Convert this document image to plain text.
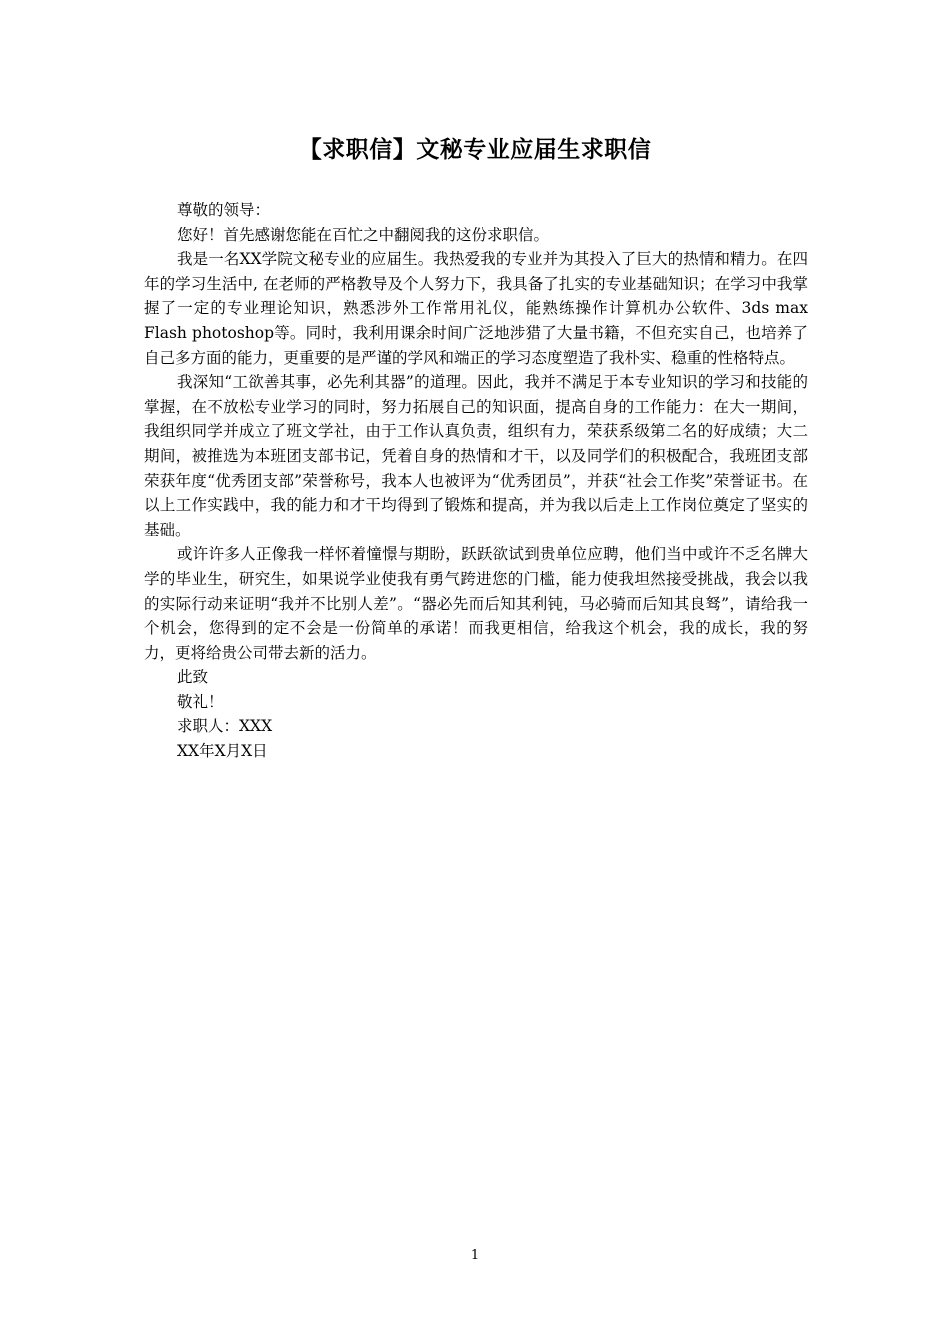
【求职信】文秘专业应届生求职信

尊敬的领导：

您好！首先感谢您能在百忙之中翻阅我的这份求职信。

我是一名XX学院文秘专业的应届生。我热爱我的专业并为其投入了巨大的热情和精力。在四年的学习生活中, 在老师的严格教导及个人努力下，我具备了扎实的专业基础知识；在学习中我掌握了一定的专业理论知识，熟悉涉外工作常用礼仪，能熟练操作计算机办公软件、3ds max Flash photoshop等。同时，我利用课余时间广泛地涉猎了大量书籍，不但充实自己，也培养了自己多方面的能力，更重要的是严谨的学风和端正的学习态度塑造了我朴实、稳重的性格特点。

我深知“工欲善其事，必先利其器”的道理。因此，我并不满足于本专业知识的学习和技能的掌握，在不放松专业学习的同时，努力拓展自己的知识面，提高自身的工作能力：在大一期间，我组织同学并成立了班文学社，由于工作认真负责，组织有力，荣获系级第二名的好成绩；大二期间，被推选为本班团支部书记，凭着自身的热情和才干，以及同学们的积极配合，我班团支部荣获年度“优秀团支部”荣誉称号，我本人也被评为“优秀团员”，并获“社会工作奖”荣誉证书。在以上工作实践中，我的能力和才干均得到了锻炼和提高，并为我以后走上工作岗位奠定了坚实的基础。

或许许多人正像我一样怀着憧憬与期盼，跃跃欲试到贵单位应聘，他们当中或许不乏名牌大学的毕业生，研究生，如果说学业使我有勇气跨进您的门槛，能力使我坦然接受挑战，我会以我的实际行动来证明“我并不比别人差”。“器必先而后知其利钝，马必骑而后知其良驽”，请给我一个机会，您得到的定不会是一份简单的承诺！而我更相信，给我这个机会，我的成长，我的努力，更将给贵公司带去新的活力。

此致

敬礼！

求职人：XXX

XX年X月X日

1
